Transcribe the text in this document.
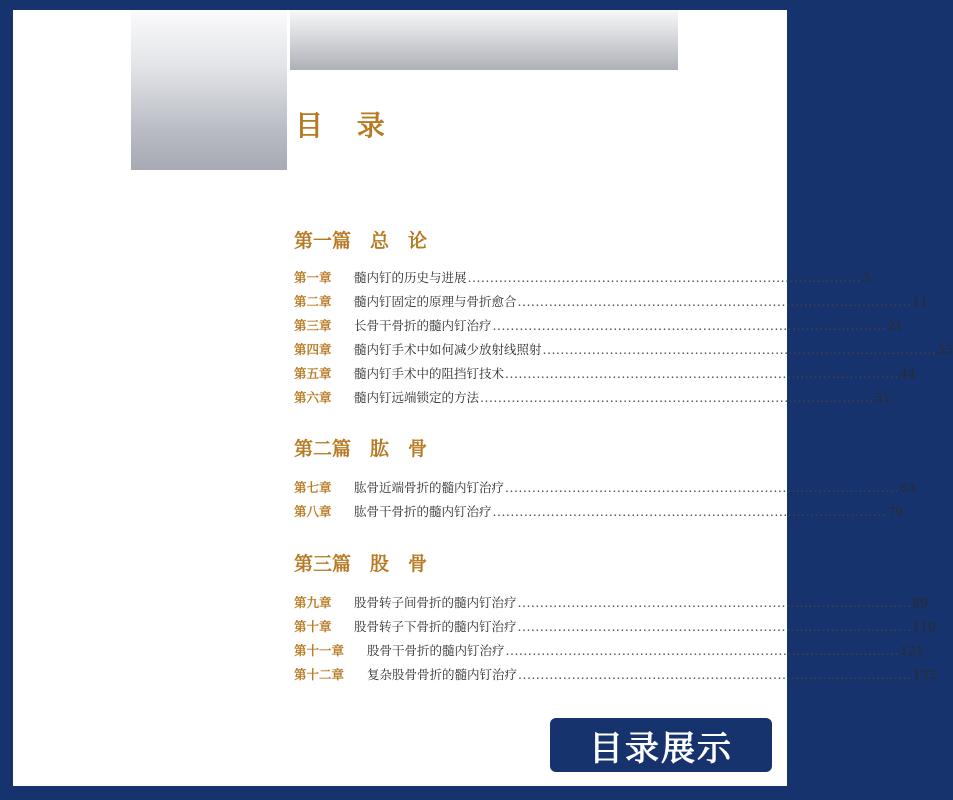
目 录
第一篇　总　论
第一章	髓内钉的历史与进展 ........................................................................................ 3
第二章	髓内钉固定的原理与骨折愈合 ........................................................................................ 11
第三章	长骨干骨折的髓内钉治疗 ........................................................................................ 21
第四章	髓内钉手术中如何减少放射线照射 ........................................................................................ 35
第五章	髓内钉手术中的阻挡钉技术 ........................................................................................ 44
第六章	髓内钉远端锁定的方法 ........................................................................................ 51
第二篇　肱　骨
第七章	肱骨近端骨折的髓内钉治疗 ........................................................................................ 63
第八章	肱骨干骨折的髓内钉治疗 ........................................................................................ 79
第三篇　股　骨
第九章	股骨转子间骨折的髓内钉治疗 ........................................................................................ 89
第十章	股骨转子下骨折的髓内钉治疗 ........................................................................................ 110
第十一章	股骨干骨折的髓内钉治疗 ........................................................................................ 121
第十二章	复杂股骨骨折的髓内钉治疗 ........................................................................................ 132
目录展示
